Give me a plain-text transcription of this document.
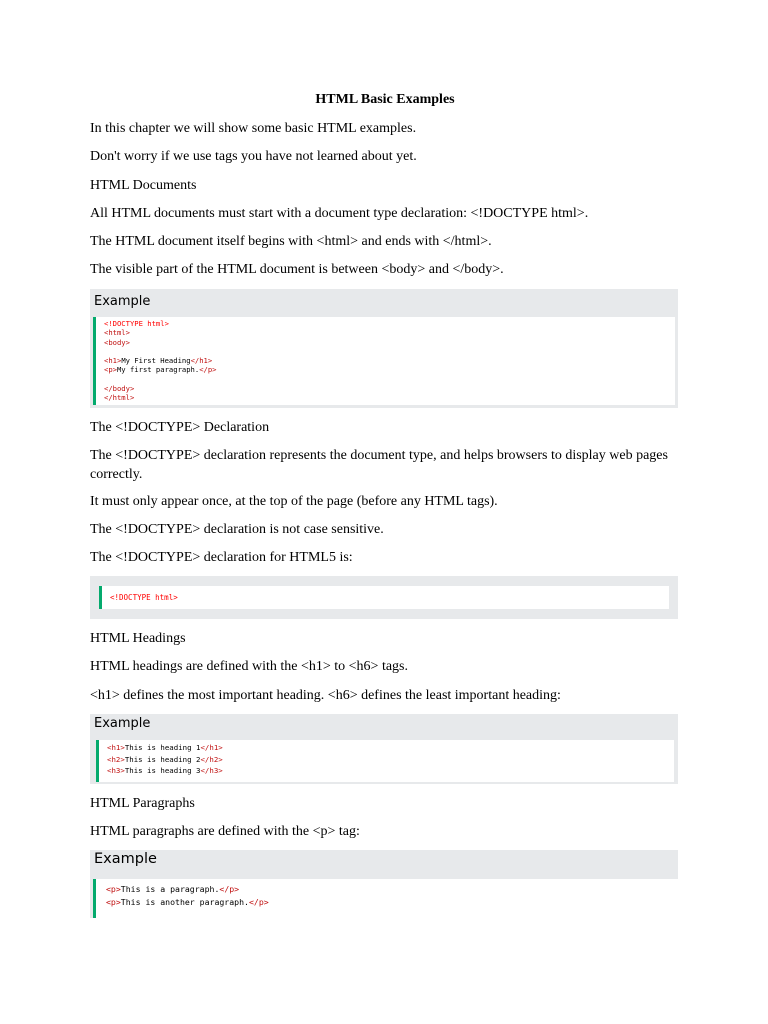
HTML Basic Examples
In this chapter we will show some basic HTML examples.
Don't worry if we use tags you have not learned about yet.
HTML Documents
All HTML documents must start with a document type declaration: <!DOCTYPE html>.
The HTML document itself begins with <html> and ends with </html>.
The visible part of the HTML document is between <body> and </body>.
Example
<!DOCTYPE html>
<html>
<body>

<h1>My First Heading</h1>
<p>My first paragraph.</p>

</body>
</html>
The <!DOCTYPE> Declaration
The <!DOCTYPE> declaration represents the document type, and helps browsers to display web pages correctly.
It must only appear once, at the top of the page (before any HTML tags).
The <!DOCTYPE> declaration is not case sensitive.
The <!DOCTYPE> declaration for HTML5 is:
<!DOCTYPE html>
HTML Headings
HTML headings are defined with the <h1> to <h6> tags.
<h1> defines the most important heading. <h6> defines the least important heading:
Example
<h1>This is heading 1</h1>
<h2>This is heading 2</h2>
<h3>This is heading 3</h3>
HTML Paragraphs
HTML paragraphs are defined with the <p> tag:
Example
<p>This is a paragraph.</p>
<p>This is another paragraph.</p>
